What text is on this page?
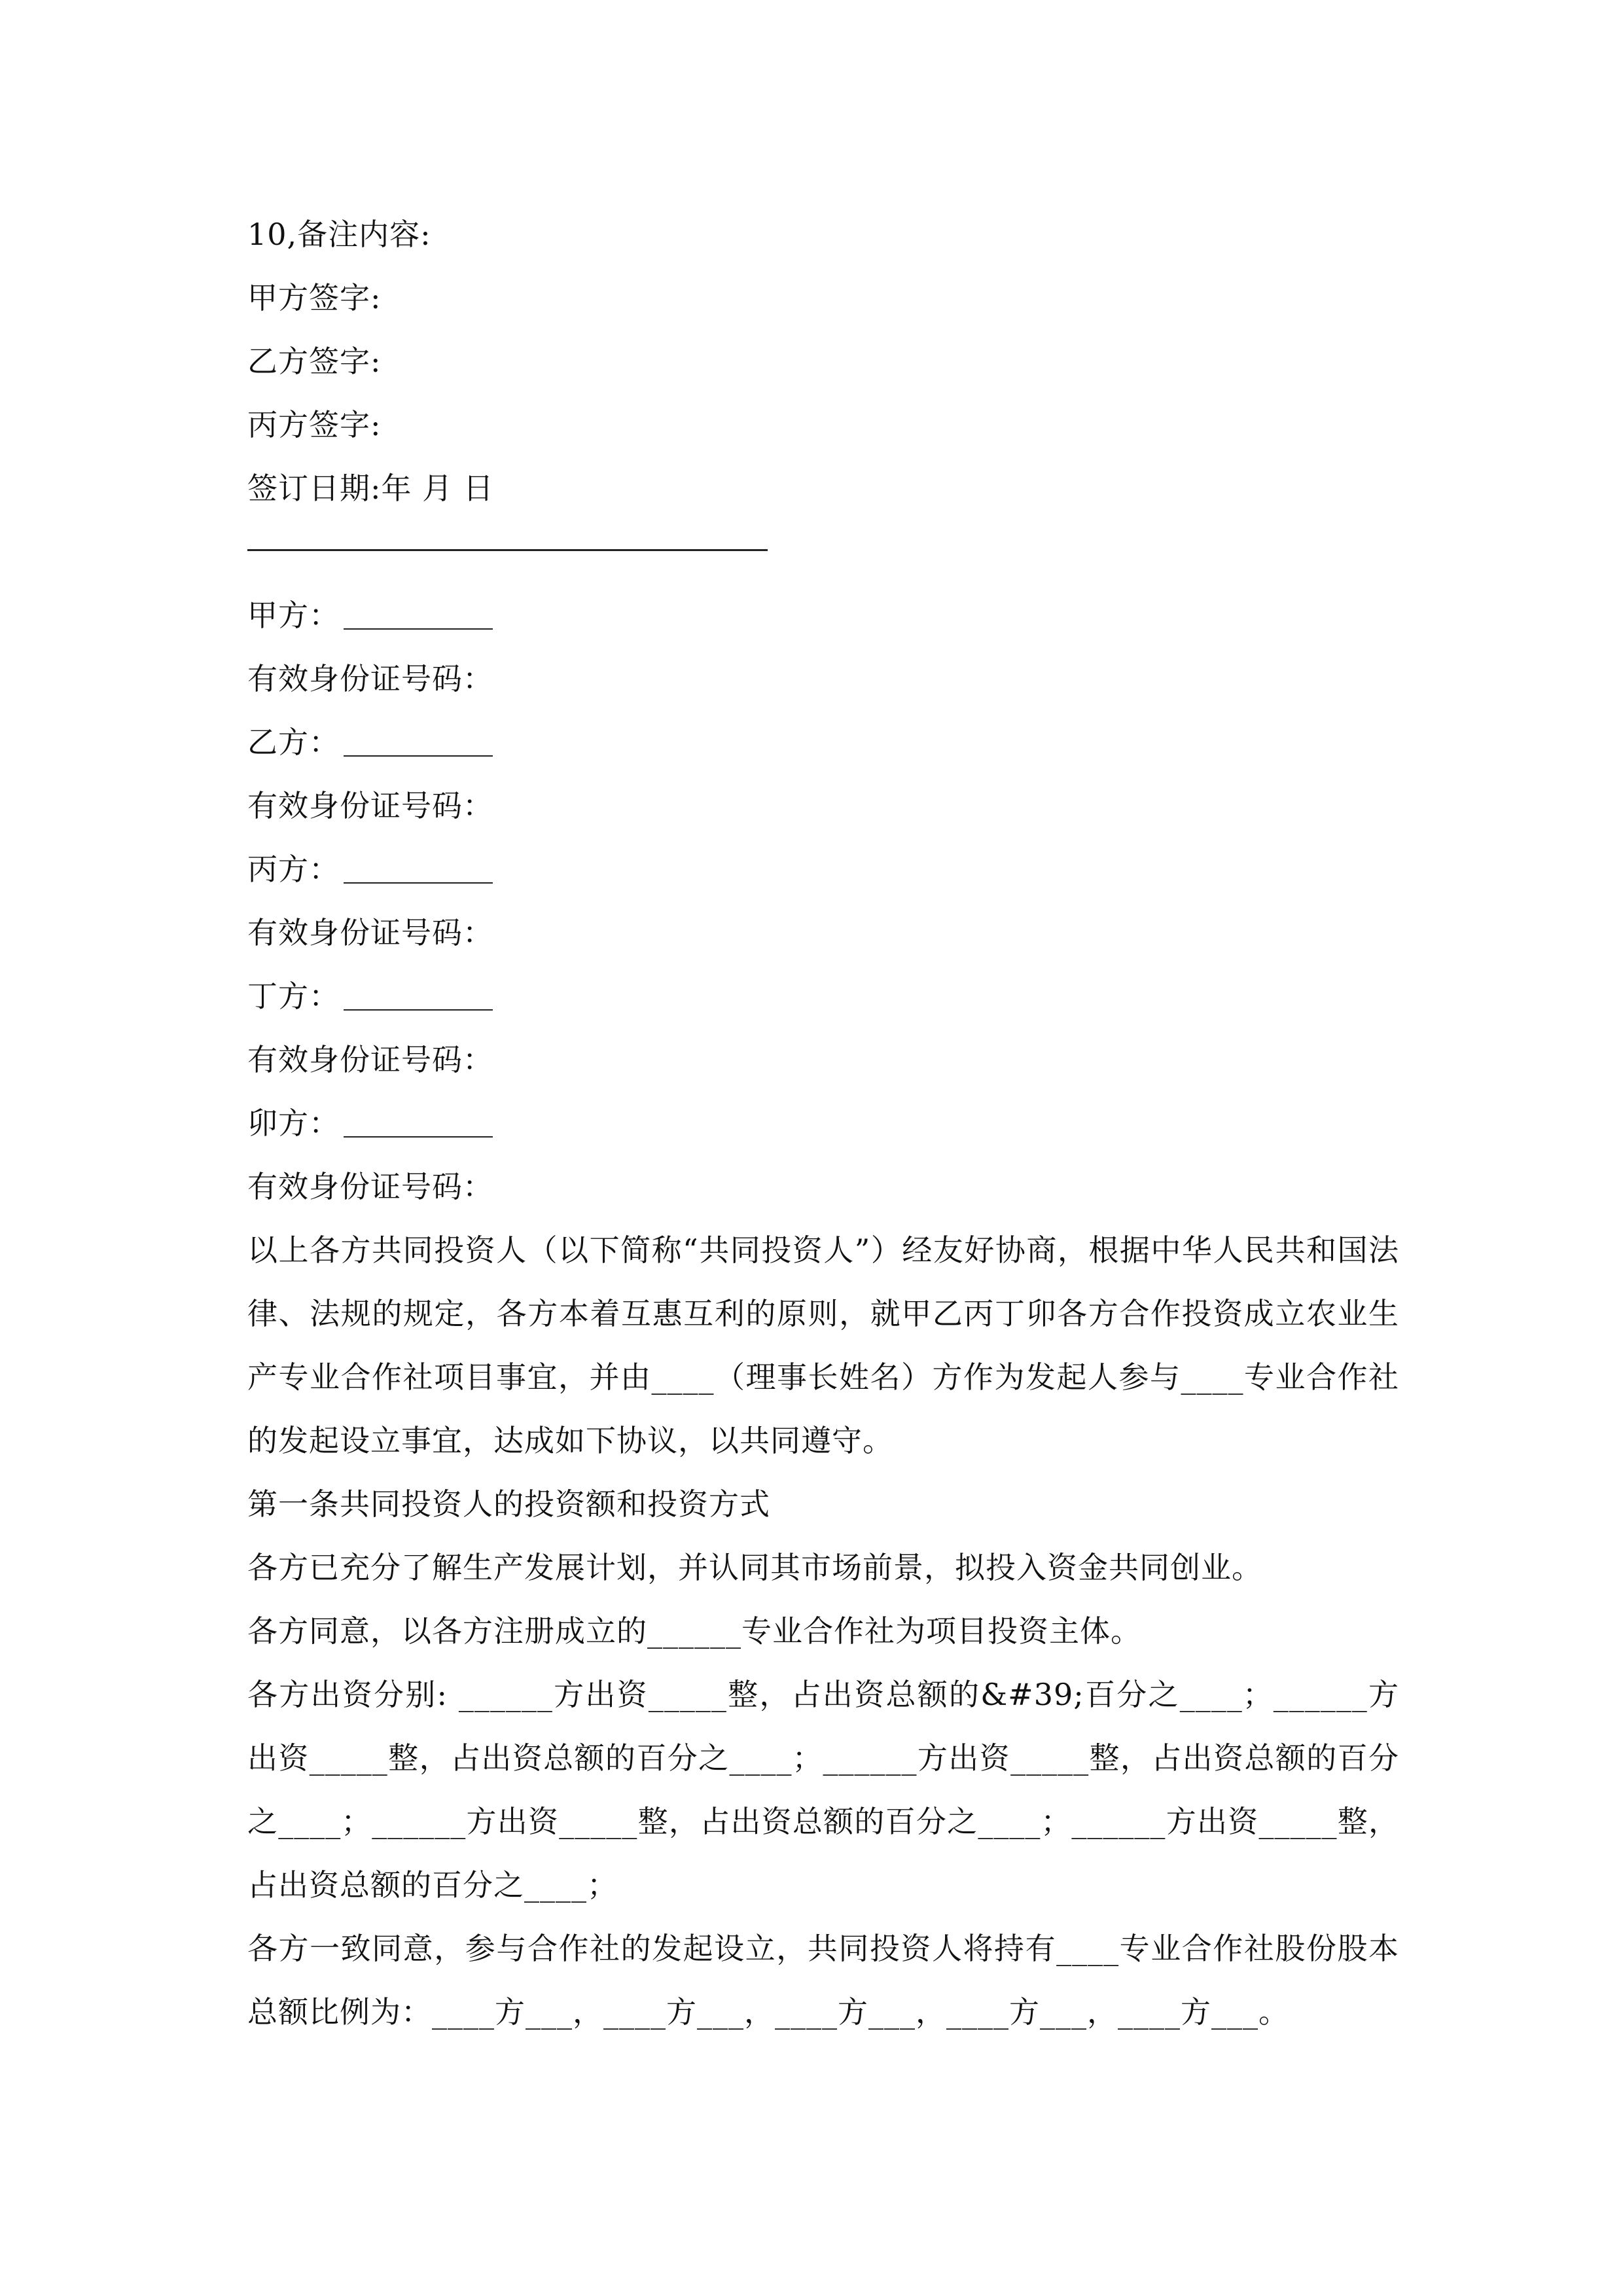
10,备注内容:
甲方签字:
乙方签字:
丙方签字:
签订日期:年 月 日
甲方：
有效身份证号码：
乙方：
有效身份证号码：
丙方：
有效身份证号码：
丁方：
有效身份证号码：
卯方：
有效身份证号码：
以上各方共同投资人（以下简称“共同投资人”）经友好协商，根据中华人民共和国法律、法规的规定，各方本着互惠互利的原则，就甲乙丙丁卯各方合作投资成立农业生产专业合作社项目事宜，并由____（理事长姓名）方作为发起人参与____专业合作社的发起设立事宜，达成如下协议，以共同遵守。
第一条共同投资人的投资额和投资方式
各方已充分了解生产发展计划，并认同其市场前景，拟投入资金共同创业。
各方同意，以各方注册成立的______专业合作社为项目投资主体。
各方出资分别: ______方出资_____整，占出资总额的&#39;百分之____；______方出资_____整，占出资总额的百分之____；______方出资_____整，占出资总额的百分之____；______方出资_____整，占出资总额的百分之____；______方出资_____整，占出资总额的百分之____；
各方一致同意，参与合作社的发起设立，共同投资人将持有____专业合作社股份股本总额比例为：____方___，____方___，____方___，____方___，____方___。
